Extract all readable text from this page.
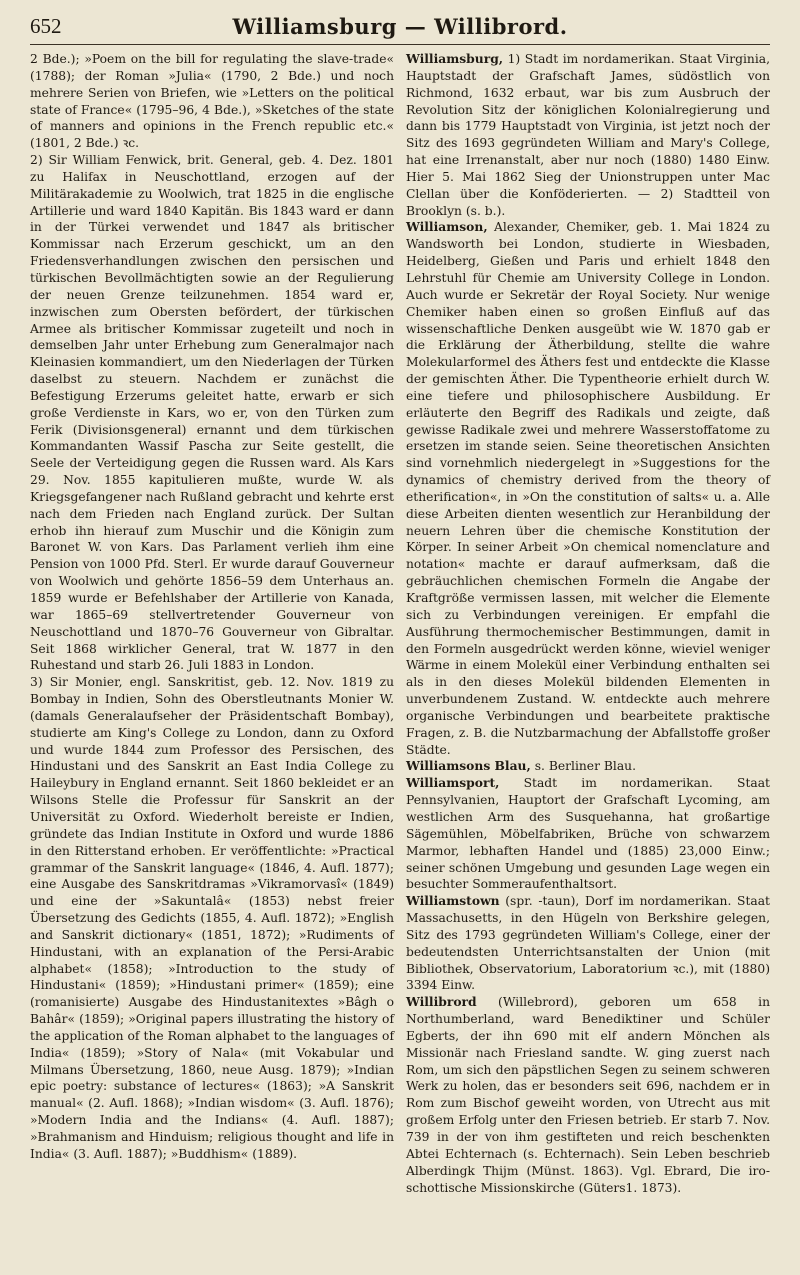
652	Williamsburg — Willibrord.

2 Bde.); »Poem on the bill for regulating the slave-trade« (1788); der Roman »Julia« (1790, 2 Bde.) und noch mehrere Serien von Briefen, wie »Letters on the political state of France« (1795–96, 4 Bde.), »Sketches of the state of manners and opinions in the French republic etc.« (1801, 2 Bde.) ꝛc.

2) Sir William Fenwick, brit. General, geb. 4. Dez. 1801 zu Halifax in Neuschottland, erzogen auf der Militärakademie zu Woolwich, trat 1825 in die englische Artillerie und ward 1840 Kapitän. Bis 1843 ward er dann in der Türkei verwendet und 1847 als britischer Kommissar nach Erzerum geschickt, um an den Friedensverhandlungen zwischen den persischen und türkischen Bevollmächtigten sowie an der Regulierung der neuen Grenze teilzunehmen. 1854 ward er, inzwischen zum Obersten befördert, der türkischen Armee als britischer Kommissar zugeteilt und noch in demselben Jahr unter Erhebung zum Generalmajor nach Kleinasien kommandiert, um den Niederlagen der Türken daselbst zu steuern. Nachdem er zunächst die Befestigung Erzerums geleitet hatte, erwarb er sich große Verdienste in Kars, wo er, von den Türken zum Ferik (Divisionsgeneral) ernannt und dem türkischen Kommandanten Wassif Pascha zur Seite gestellt, die Seele der Verteidigung gegen die Russen ward. Als Kars 29. Nov. 1855 kapitulieren mußte, wurde W. als Kriegsgefangener nach Rußland gebracht und kehrte erst nach dem Frieden nach England zurück. Der Sultan erhob ihn hierauf zum Muschir und die Königin zum Baronet W. von Kars. Das Parlament verlieh ihm eine Pension von 1000 Pfd. Sterl. Er wurde darauf Gouverneur von Woolwich und gehörte 1856–59 dem Unterhaus an. 1859 wurde er Befehlshaber der Artillerie von Kanada, war 1865–69 stellvertretender Gouverneur von Neuschottland und 1870–76 Gouverneur von Gibraltar. Seit 1868 wirklicher General, trat W. 1877 in den Ruhestand und starb 26. Juli 1883 in London.

3) Sir Monier, engl. Sanskritist, geb. 12. Nov. 1819 zu Bombay in Indien, Sohn des Oberstleutnants Monier W. (damals Generalaufseher der Präsidentschaft Bombay), studierte am King's College zu London, dann zu Oxford und wurde 1844 zum Professor des Persischen, des Hindustani und des Sanskrit an East India College zu Haileybury in England ernannt. Seit 1860 bekleidet er an Wilsons Stelle die Professur für Sanskrit an der Universität zu Oxford. Wiederholt bereiste er Indien, gründete das Indian Institute in Oxford und wurde 1886 in den Ritterstand erhoben. Er veröffentlichte: »Practical grammar of the Sanskrit language« (1846, 4. Aufl. 1877); eine Ausgabe des Sanskritdramas »Vikramorvasî« (1849) und eine der »Sakuntalâ« (1853) nebst freier Übersetzung des Gedichts (1855, 4. Aufl. 1872); »English and Sanskrit dictionary« (1851, 1872); »Rudiments of Hindustani, with an explanation of the Persi-Arabic alphabet« (1858); »Introduction to the study of Hindustani« (1859); »Hindustani primer« (1859); eine (romanisierte) Ausgabe des Hindustanitextes »Bâgh o Bahâr« (1859); »Original papers illustrating the history of the application of the Roman alphabet to the languages of India« (1859); »Story of Nala« (mit Vokabular und Milmans Übersetzung, 1860, neue Ausg. 1879); »Indian epic poetry: substance of lectures« (1863); »A Sanskrit manual« (2. Aufl. 1868); »Indian wisdom« (3. Aufl. 1876); »Modern India and the Indians« (4. Aufl. 1887); »Brahmanism and Hinduism; religious thought and life in India« (3. Aufl. 1887); »Buddhism« (1889).

Williamsburg, 1) Stadt im nordamerikan. Staat Virginia, Hauptstadt der Grafschaft James, südöstlich von Richmond, 1632 erbaut, war bis zum Ausbruch der Revolution Sitz der königlichen Kolonialregierung und dann bis 1779 Hauptstadt von Virginia, ist jetzt noch der Sitz des 1693 gegründeten William and Mary's College, hat eine Irrenanstalt, aber nur noch (1880) 1480 Einw. Hier 5. Mai 1862 Sieg der Unionstruppen unter Mac Clellan über die Konföderierten. — 2) Stadtteil von Brooklyn (s. b.).

Williamson, Alexander, Chemiker, geb. 1. Mai 1824 zu Wandsworth bei London, studierte in Wiesbaden, Heidelberg, Gießen und Paris und erhielt 1848 den Lehrstuhl für Chemie am University College in London. Auch wurde er Sekretär der Royal Society. Nur wenige Chemiker haben einen so großen Einfluß auf das wissenschaftliche Denken ausgeübt wie W. 1870 gab er die Erklärung der Ätherbildung, stellte die wahre Molekularformel des Äthers fest und entdeckte die Klasse der gemischten Äther. Die Typentheorie erhielt durch W. eine tiefere und philosophischere Ausbildung. Er erläuterte den Begriff des Radikals und zeigte, daß gewisse Radikale zwei und mehrere Wasserstoffatome zu ersetzen im stande seien. Seine theoretischen Ansichten sind vornehmlich niedergelegt in »Suggestions for the dynamics of chemistry derived from the theory of etherification«, in »On the constitution of salts« u. a. Alle diese Arbeiten dienten wesentlich zur Heranbildung der neuern Lehren über die chemische Konstitution der Körper. In seiner Arbeit »On chemical nomenclature and notation« machte er darauf aufmerksam, daß die gebräuchlichen chemischen Formeln die Angabe der Kraftgröße vermissen lassen, mit welcher die Elemente sich zu Verbindungen vereinigen. Er empfahl die Ausführung thermochemischer Bestimmungen, damit in den Formeln ausgedrückt werden könne, wieviel weniger Wärme in einem Molekül einer Verbindung enthalten sei als in den dieses Molekül bildenden Elementen in unverbundenem Zustand. W. entdeckte auch mehrere organische Verbindungen und bearbeitete praktische Fragen, z. B. die Nutzbarmachung der Abfallstoffe großer Städte.

Williamsons Blau, s. Berliner Blau.

Williamsport, Stadt im nordamerikan. Staat Pennsylvanien, Hauptort der Grafschaft Lycoming, am westlichen Arm des Susquehanna, hat großartige Sägemühlen, Möbelfabriken, Brüche von schwarzem Marmor, lebhaften Handel und (1885) 23,000 Einw.; seiner schönen Umgebung und gesunden Lage wegen ein besuchter Sommeraufenthaltsort.

Williamstown (spr. -taun), Dorf im nordamerikan. Staat Massachusetts, in den Hügeln von Berkshire gelegen, Sitz des 1793 gegründeten William's College, einer der bedeutendsten Unterrichtsanstalten der Union (mit Bibliothek, Observatorium, Laboratorium ꝛc.), mit (1880) 3394 Einw.

Willibrord (Willebrord), geboren um 658 in Northumberland, ward Benediktiner und Schüler Egberts, der ihn 690 mit elf andern Mönchen als Missionär nach Friesland sandte. W. ging zuerst nach Rom, um sich den päpstlichen Segen zu seinem schweren Werk zu holen, das er besonders seit 696, nachdem er in Rom zum Bischof geweiht worden, von Utrecht aus mit großem Erfolg unter den Friesen betrieb. Er starb 7. Nov. 739 in der von ihm gestifteten und reich beschenkten Abtei Echternach (s. Echternach). Sein Leben beschrieb Alberdingk Thijm (Münst. 1863). Vgl. Ebrard, Die iro-schottische Missionskirche (Güters1. 1873).
